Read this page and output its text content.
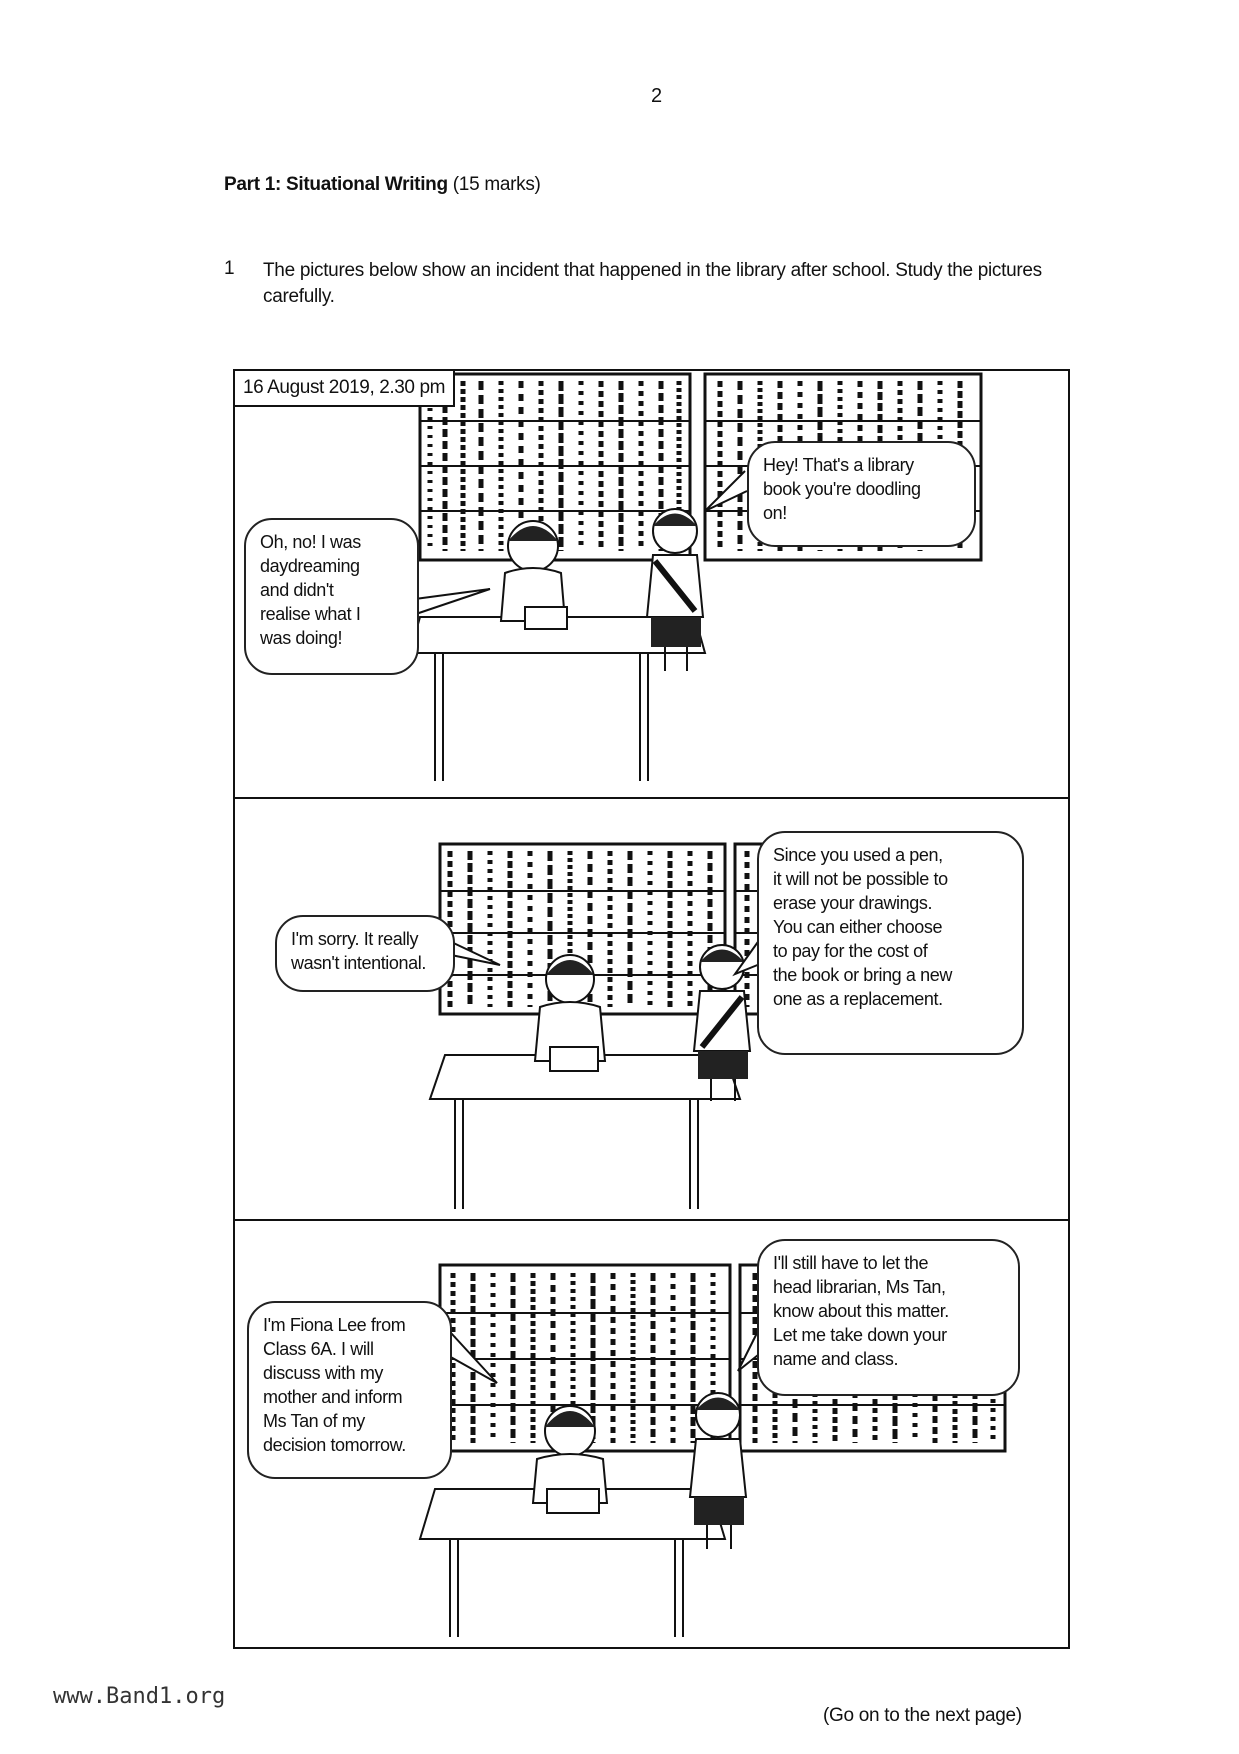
2
Part 1: Situational Writing (15 marks)
1 The pictures below show an incident that happened in the library after school. Study the pictures carefully.
16 August 2019, 2.30 pm
Oh, no! I was
daydreaming
and didn't
realise what I
was doing!
Hey! That's a library
book you're doodling
on!
I'm sorry. It really
wasn't intentional.
Since you used a pen,
it will not be possible to
erase your drawings.
You can either choose
to pay for the cost of
the book or bring a new
one as a replacement.
I'm Fiona Lee from
Class 6A. I will
discuss with my
mother and inform
Ms Tan of my
decision tomorrow.
I'll still have to let the
head librarian, Ms Tan,
know about this matter.
Let me take down your
name and class.
www.Band1.org
(Go on to the next page)
